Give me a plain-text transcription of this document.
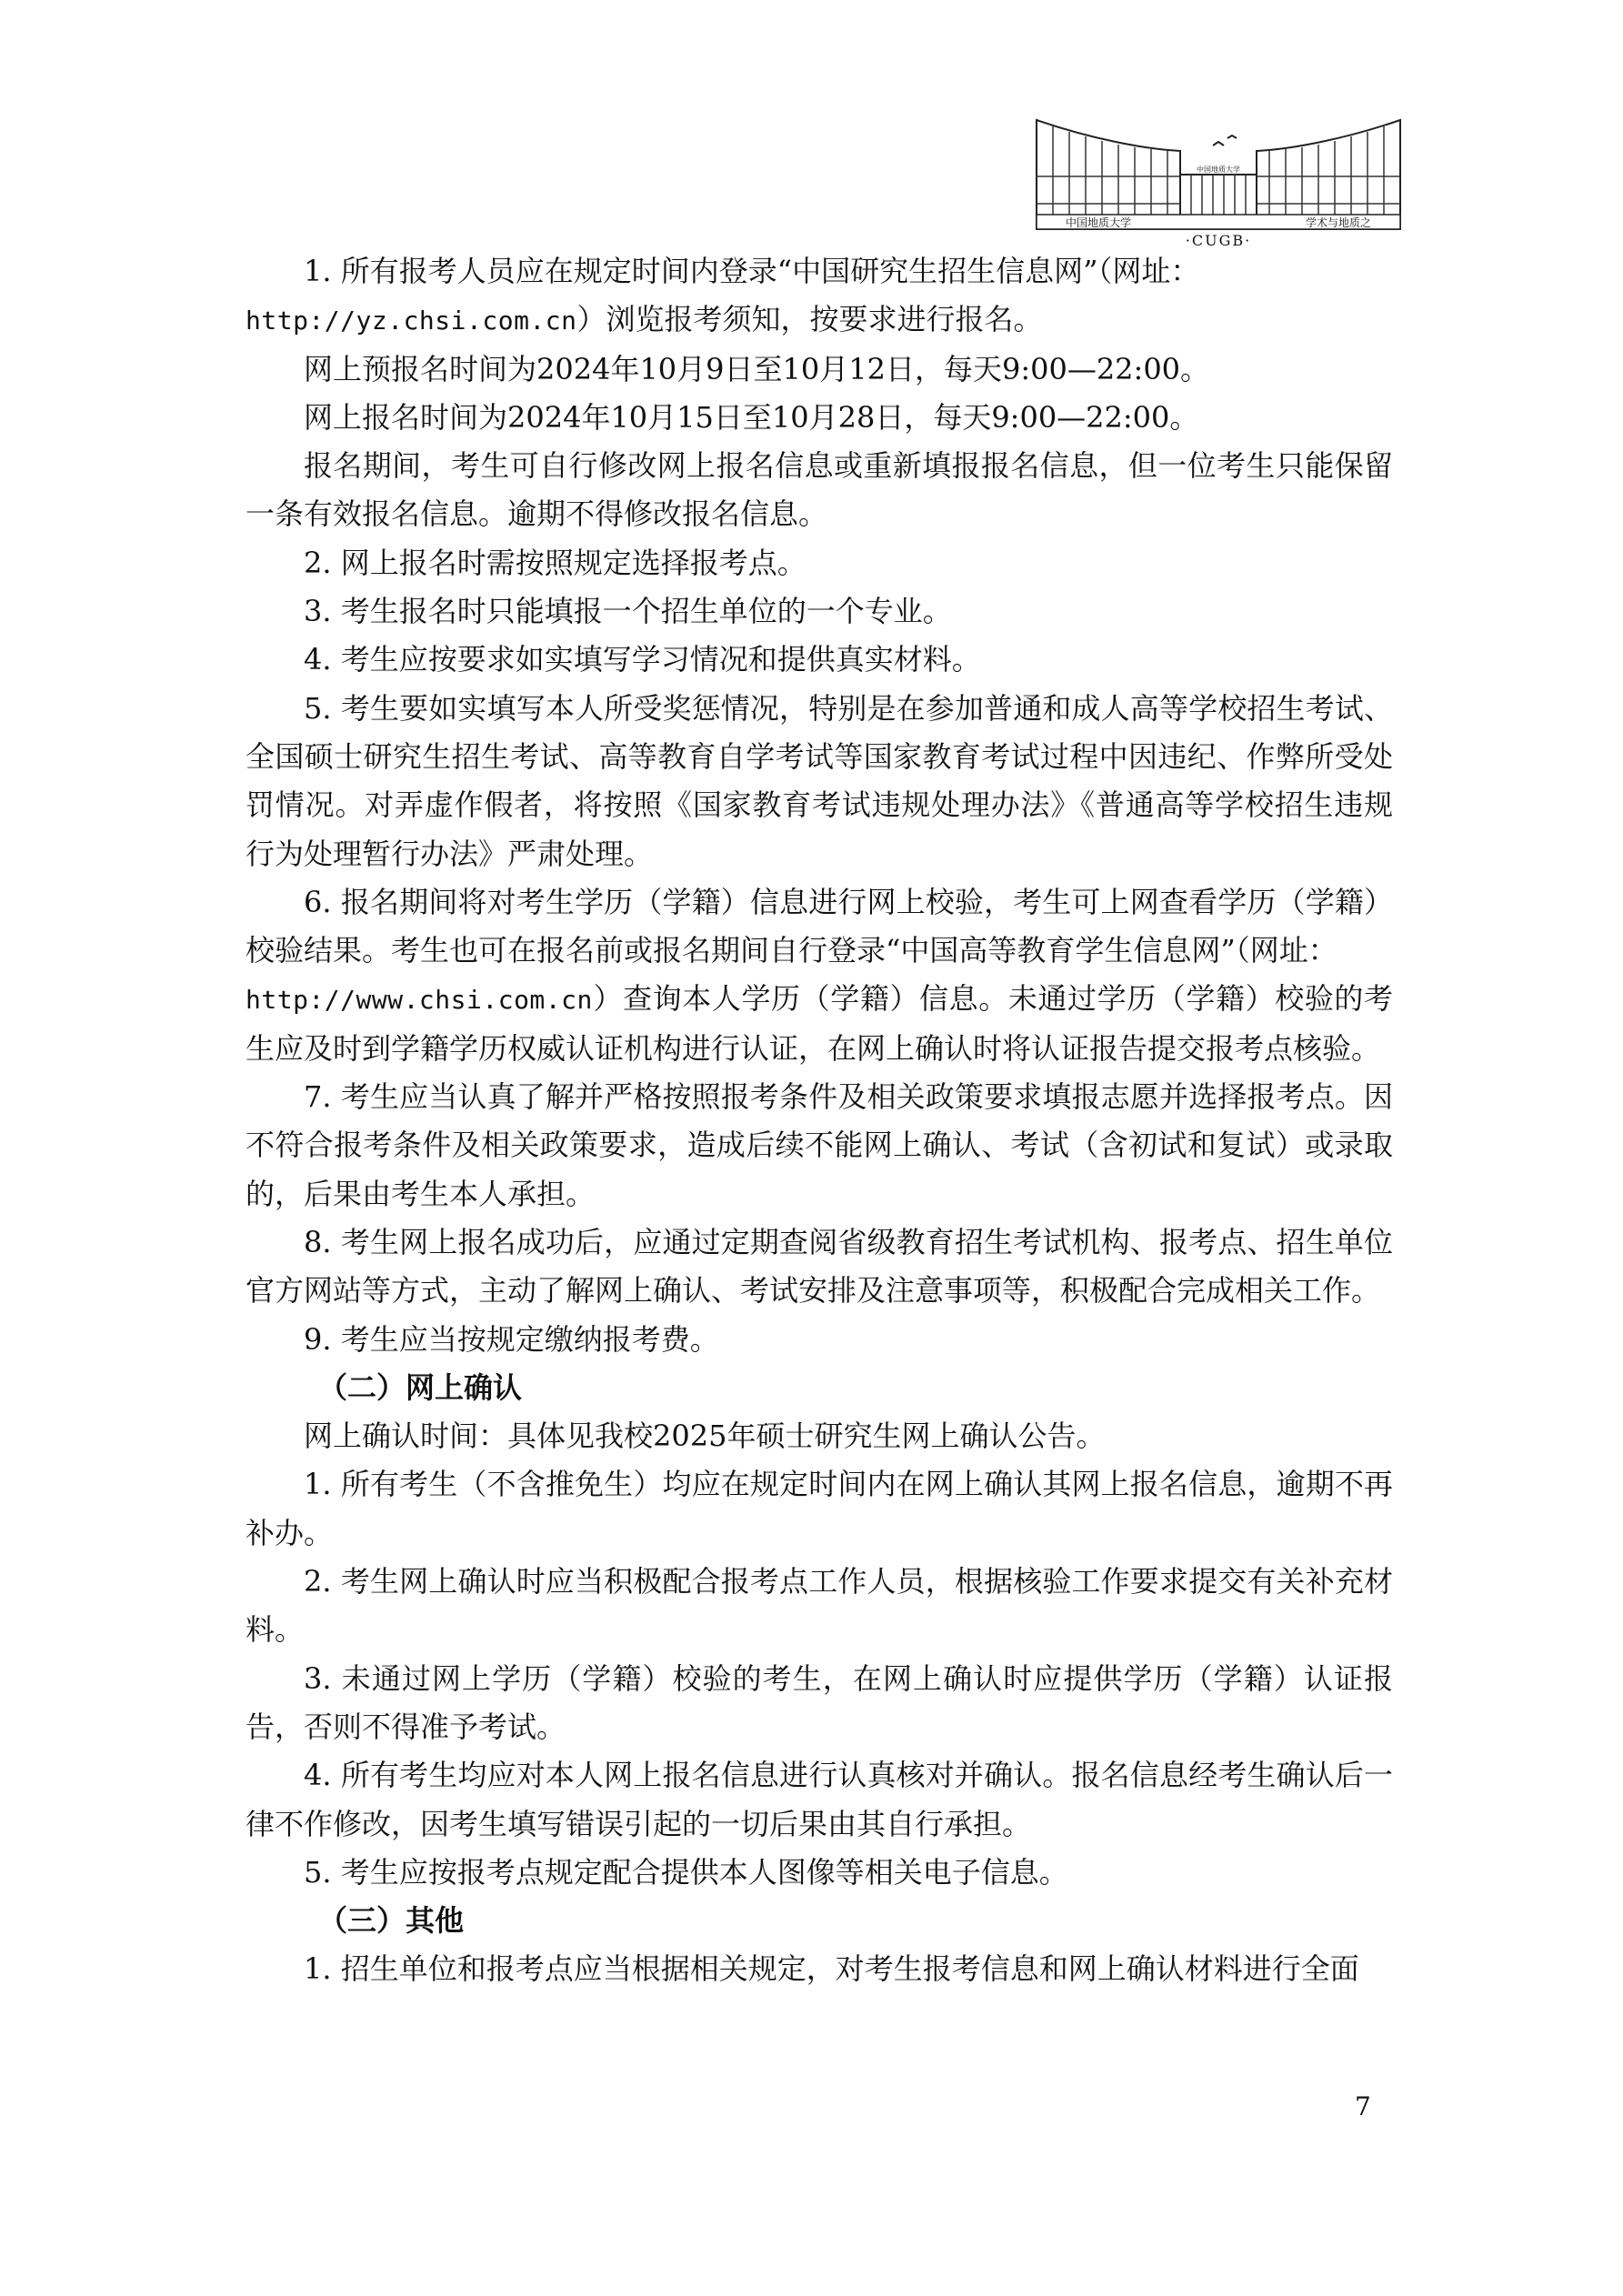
中国地质大学
中国地质大学
学术与地质之
·CUGB·

1. 所有报考人员应在规定时间内登录“中国研究生招生信息网”（网址：
http://yz.chsi.com.cn）浏览报考须知，按要求进行报名。

网上预报名时间为2024年10月9日至10月12日，每天9:00—22:00。

网上报名时间为2024年10月15日至10月28日，每天9:00—22:00。

报名期间，考生可自行修改网上报名信息或重新填报报名信息，但一位考生只能保留一条有效报名信息。逾期不得修改报名信息。

2. 网上报名时需按照规定选择报考点。

3. 考生报名时只能填报一个招生单位的一个专业。

4. 考生应按要求如实填写学习情况和提供真实材料。

5. 考生要如实填写本人所受奖惩情况，特别是在参加普通和成人高等学校招生考试、全国硕士研究生招生考试、高等教育自学考试等国家教育考试过程中因违纪、作弊所受处罚情况。对弄虚作假者，将按照《国家教育考试违规处理办法》《普通高等学校招生违规行为处理暂行办法》严肃处理。

6. 报名期间将对考生学历（学籍）信息进行网上校验，考生可上网查看学历（学籍）校验结果。考生也可在报名前或报名期间自行登录“中国高等教育学生信息网”（网址：
http://www.chsi.com.cn）查询本人学历（学籍）信息。未通过学历（学籍）校验的考生应及时到学籍学历权威认证机构进行认证，在网上确认时将认证报告提交报考点核验。

7. 考生应当认真了解并严格按照报考条件及相关政策要求填报志愿并选择报考点。因不符合报考条件及相关政策要求，造成后续不能网上确认、考试（含初试和复试）或录取的，后果由考生本人承担。

8. 考生网上报名成功后，应通过定期查阅省级教育招生考试机构、报考点、招生单位官方网站等方式，主动了解网上确认、考试安排及注意事项等，积极配合完成相关工作。

9. 考生应当按规定缴纳报考费。

（二）网上确认

网上确认时间：具体见我校2025年硕士研究生网上确认公告。

1. 所有考生（不含推免生）均应在规定时间内在网上确认其网上报名信息，逾期不再补办。

2. 考生网上确认时应当积极配合报考点工作人员，根据核验工作要求提交有关补充材料。

3. 未通过网上学历（学籍）校验的考生，在网上确认时应提供学历（学籍）认证报告，否则不得准予考试。

4. 所有考生均应对本人网上报名信息进行认真核对并确认。报名信息经考生确认后一律不作修改，因考生填写错误引起的一切后果由其自行承担。

5. 考生应按报考点规定配合提供本人图像等相关电子信息。

（三）其他

1. 招生单位和报考点应当根据相关规定，对考生报考信息和网上确认材料进行全面

7
